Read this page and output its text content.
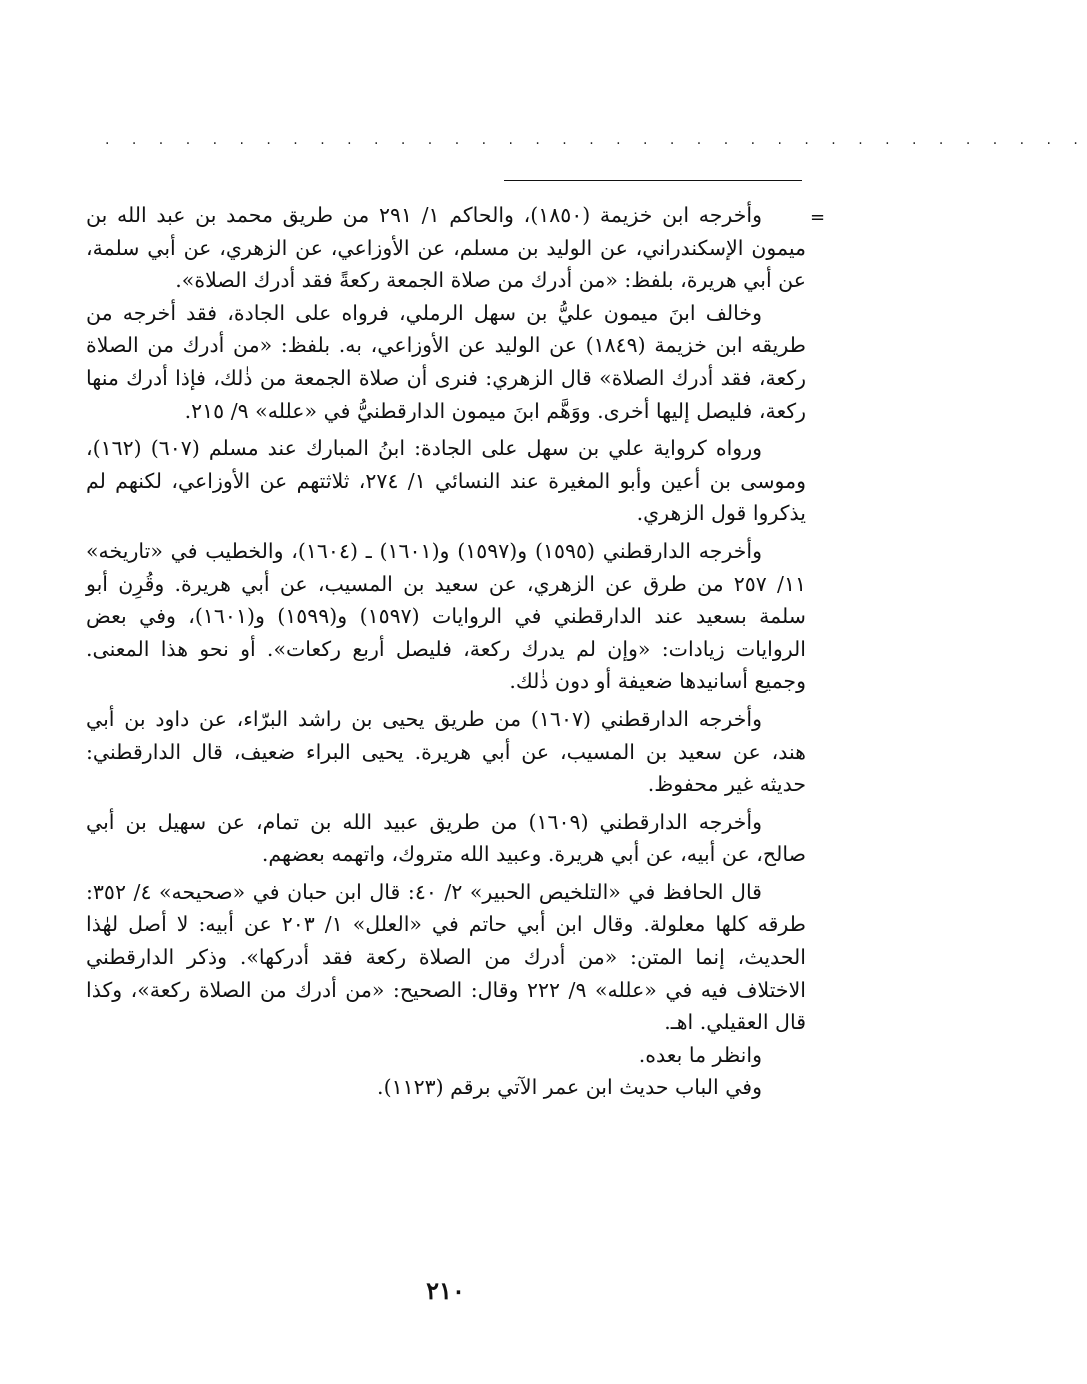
· · · · · · · · · · · · · · · · · · · · · · · · · · · · · · · · · · · · ·
=

وأخرجه ابن خزيمة (١٨٥٠)، والحاكم ١/ ٢٩١ من طريق محمد بن عبد الله بن ميمون الإسكندراني، عن الوليد بن مسلم، عن الأوزاعي، عن الزهري، عن أبي سلمة، عن أبي هريرة، بلفظ: «من أدرك من صلاة الجمعة ركعةً فقد أدرك الصلاة».

وخالف ابنَ ميمون عليُّ بن سهل الرملي، فرواه على الجادة، فقد أخرجه من طريقه ابن خزيمة (١٨٤٩) عن الوليد عن الأوزاعي، به. بلفظ: «من أدرك من الصلاة ركعة، فقد أدرك الصلاة» قال الزهري: فنرى أن صلاة الجمعة من ذٰلك، فإذا أدرك منها ركعة، فليصل إليها أخرى. ووَهَّم ابنَ ميمون الدارقطنيُّ في «علله» ٩/ ٢١٥.

ورواه كرواية علي بن سهل على الجادة: ابنُ المبارك عند مسلم (٦٠٧) (١٦٢)، وموسى بن أعين وأبو المغيرة عند النسائي ١/ ٢٧٤، ثلاثتهم عن الأوزاعي، لكنهم لم يذكروا قول الزهري.

وأخرجه الدارقطني (١٥٩٥) و(١٥٩٧) و(١٦٠١) ـ (١٦٠٤)، والخطيب في «تاريخه» ١١/ ٢٥٧ من طرق عن الزهري، عن سعيد بن المسيب، عن أبي هريرة. وقُرِن أبو سلمة بسعيد عند الدارقطني في الروايات (١٥٩٧) و(١٥٩٩) و(١٦٠١)، وفي بعض الروايات زيادات: «وإن لم يدرك ركعة، فليصل أربع ركعات». أو نحو هذا المعنى. وجميع أسانيدها ضعيفة أو دون ذٰلك.

وأخرجه الدارقطني (١٦٠٧) من طريق يحيى بن راشد البرّاء، عن داود بن أبي هند، عن سعيد بن المسيب، عن أبي هريرة. يحيى البراء ضعيف، قال الدارقطني: حديثه غير محفوظ.

وأخرجه الدارقطني (١٦٠٩) من طريق عبيد الله بن تمام، عن سهيل بن أبي صالح، عن أبيه، عن أبي هريرة. وعبيد الله متروك، واتهمه بعضهم.

قال الحافظ في «التلخيص الحبير» ٢/ ٤٠: قال ابن حبان في «صحيحه» ٤/ ٣٥٢: طرقه كلها معلولة. وقال ابن أبي حاتم في «العلل» ١/ ٢٠٣ عن أبيه: لا أصل لهٰذا الحديث، إنما المتن: «من أدرك من الصلاة ركعة فقد أدركها». وذكر الدارقطني الاختلاف فيه في «علله» ٩/ ٢٢٢ وقال: الصحيح: «من أدرك من الصلاة ركعة»، وكذا قال العقيلي. اهـ.

وانظر ما بعده.

وفي الباب حديث ابن عمر الآتي برقم (١١٢٣).

٢١٠
